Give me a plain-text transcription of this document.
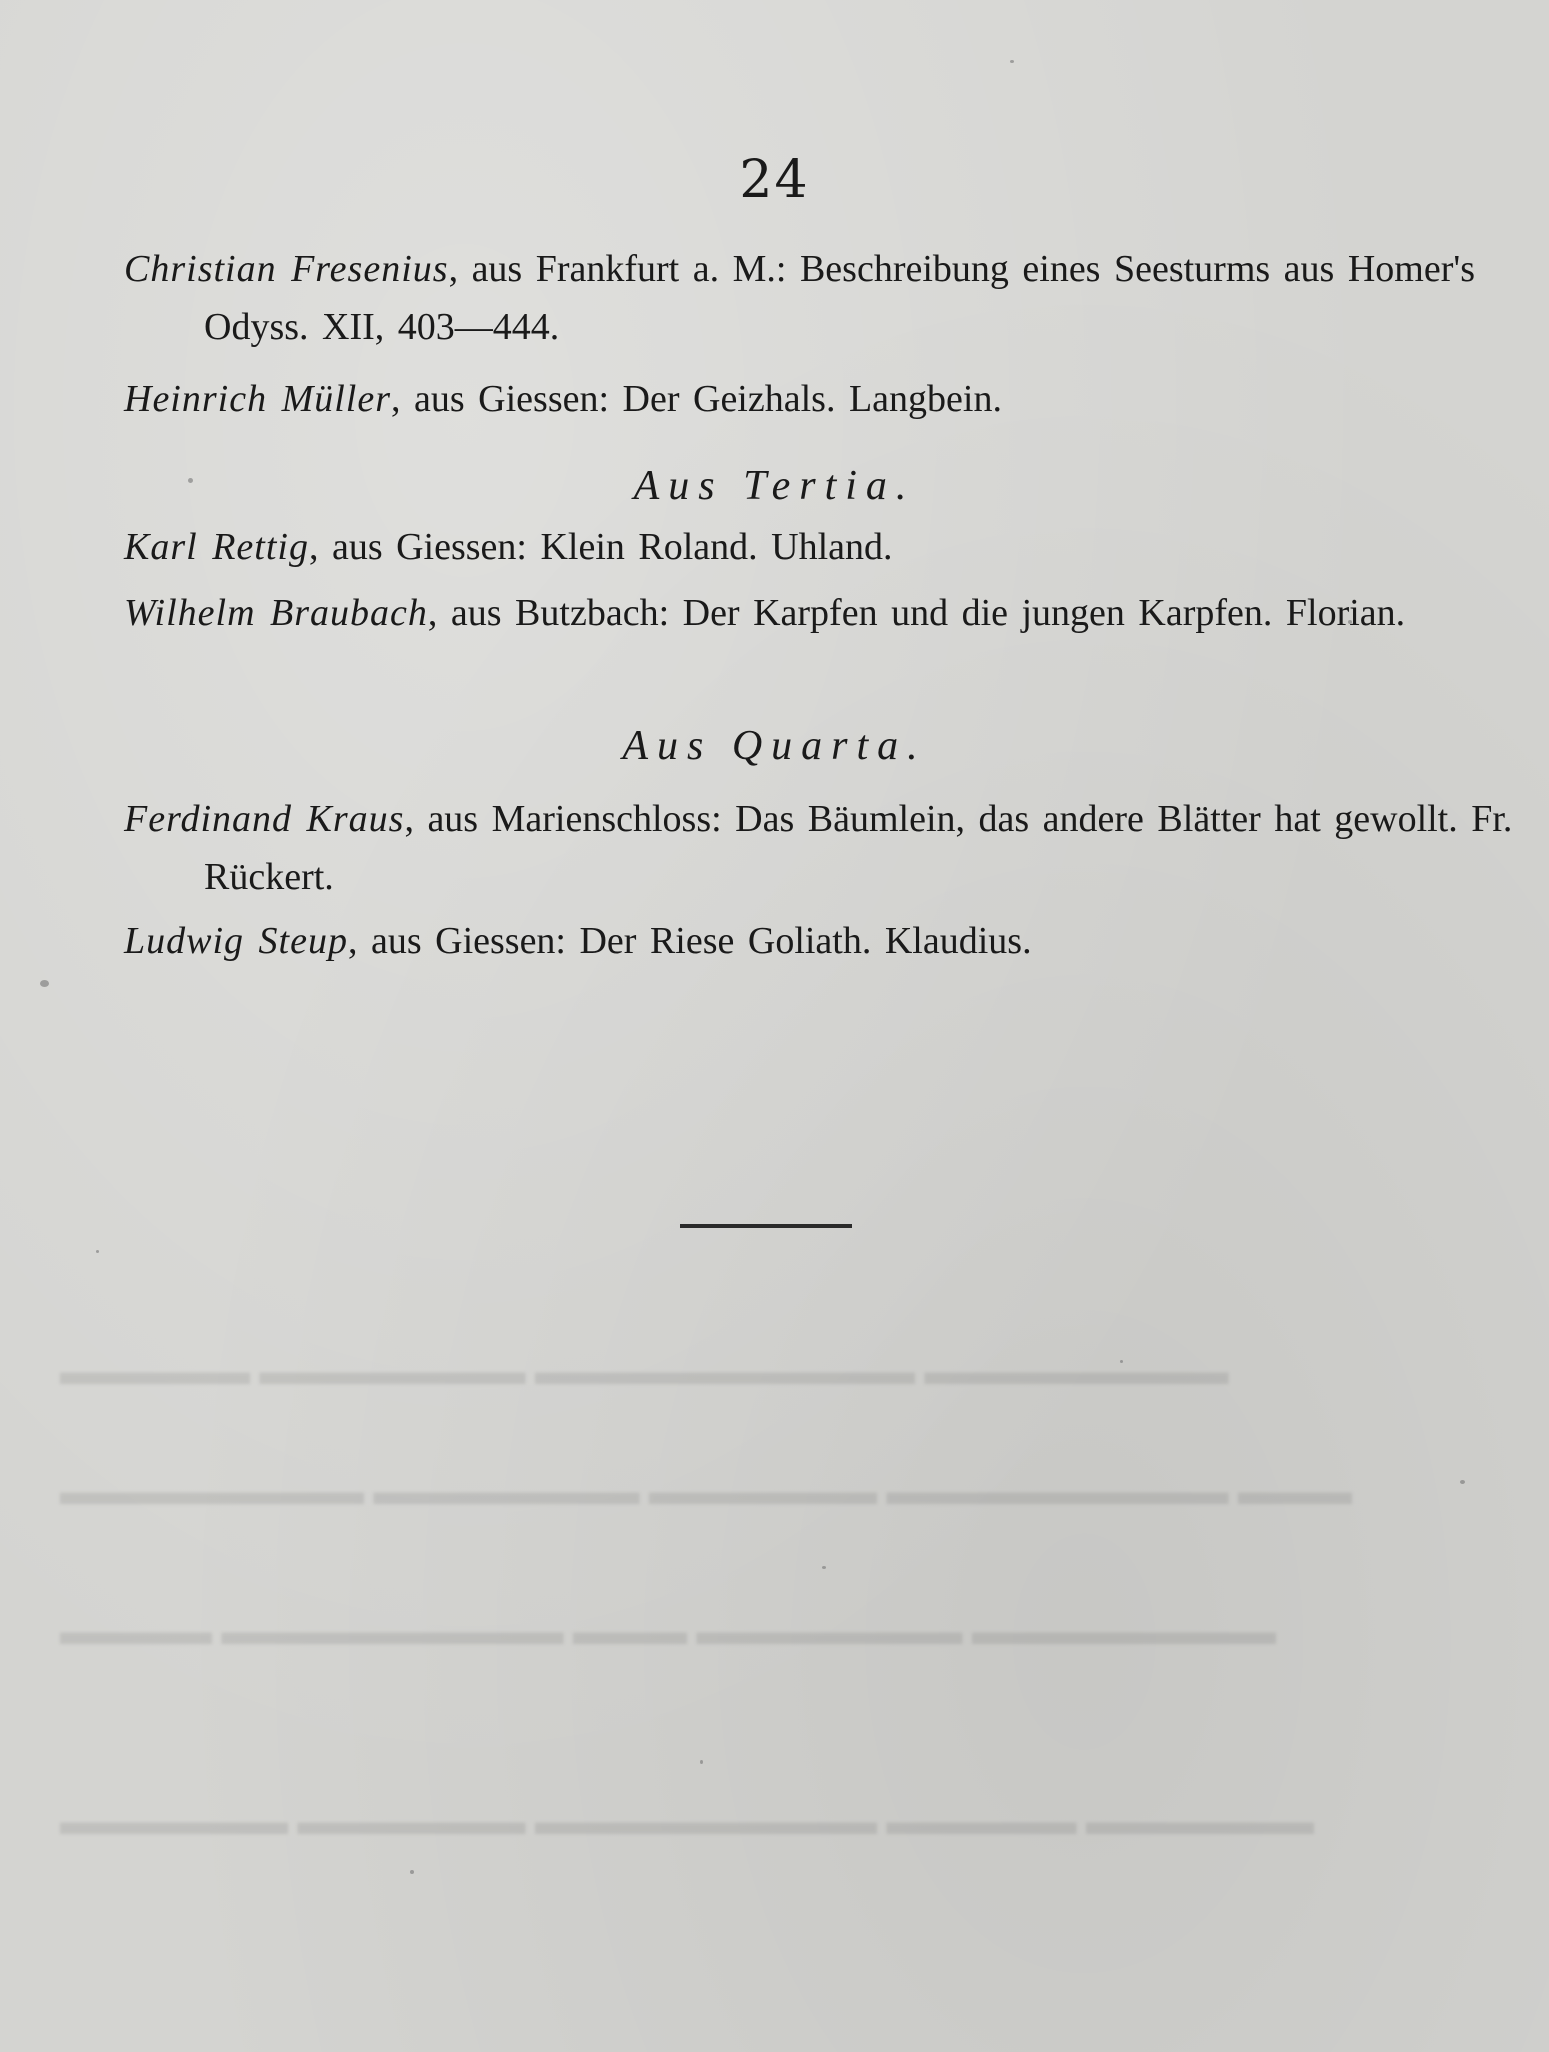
▬▬▬▬▬ ▬▬▬▬▬▬▬ ▬▬▬▬▬▬▬▬▬▬ ▬▬▬▬▬▬▬▬
▬▬▬▬▬▬▬▬ ▬▬▬▬▬▬▬ ▬▬▬▬▬▬ ▬▬▬▬▬▬▬▬▬ ▬▬▬
▬▬▬▬ ▬▬▬▬▬▬▬▬▬ ▬▬▬ ▬▬▬▬▬▬▬ ▬▬▬▬▬▬▬▬
▬▬▬▬▬▬ ▬▬▬▬▬▬ ▬▬▬▬▬▬▬▬▬ ▬▬▬▬▬ ▬▬▬▬▬▬
24
Christian Fresenius, aus Frankfurt a. M.: Beschreibung eines Seesturms aus Homer's Odyss. XII, 403—444.
Heinrich Müller, aus Giessen: Der Geizhals. Langbein.
Aus Tertia.
Karl Rettig, aus Giessen: Klein Roland. Uhland.
Wilhelm Braubach, aus Butzbach: Der Karpfen und die jungen Karpfen. Florian.
Aus Quarta.
Ferdinand Kraus, aus Marienschloss: Das Bäumlein, das andere Blätter hat gewollt. Fr. Rückert.
Ludwig Steup, aus Giessen: Der Riese Goliath. Klaudius.
